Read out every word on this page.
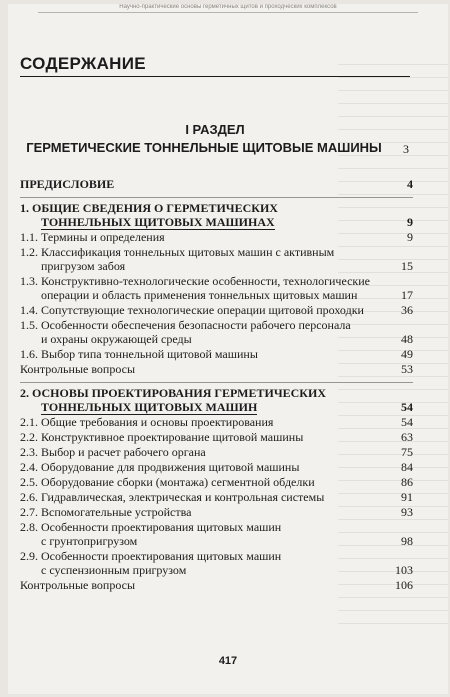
Научно-практические основы герметичных щитов и проходческих комплексов
СОДЕРЖАНИЕ
I РАЗДЕЛ
ГЕРМЕТИЧЕСКИЕ ТОННЕЛЬНЫЕ ЩИТОВЫЕ МАШИНЫ	3
ПРЕДИСЛОВИЕ	4
1. ОБЩИЕ СВЕДЕНИЯ О ГЕРМЕТИЧЕСКИХ
ТОННЕЛЬНЫХ ЩИТОВЫХ МАШИНАХ	9
1.1. Термины и определения	9
1.2. Классификация тоннельных щитовых машин с активным
пригрузом забоя	15
1.3. Конструктивно-технологические особенности, технологические
операции и область применения тоннельных щитовых машин	17
1.4. Сопутствующие технологические операции щитовой проходки	36
1.5. Особенности обеспечения безопасности рабочего персонала
и охраны окружающей среды	48
1.6. Выбор типа тоннельной щитовой машины	49
Контрольные вопросы	53
2. ОСНОВЫ ПРОЕКТИРОВАНИЯ ГЕРМЕТИЧЕСКИХ
ТОННЕЛЬНЫХ ЩИТОВЫХ МАШИН	54
2.1. Общие требования и основы проектирования	54
2.2. Конструктивное проектирование щитовой машины	63
2.3. Выбор и расчет рабочего органа	75
2.4. Оборудование для продвижения щитовой машины	84
2.5. Оборудование сборки (монтажа) сегментной обделки	86
2.6. Гидравлическая, электрическая и контрольная системы	91
2.7. Вспомогательные устройства	93
2.8. Особенности проектирования щитовых машин
с грунтопригрузом	98
2.9. Особенности проектирования щитовых машин
с суспензионным пригрузом	103
Контрольные вопросы	106
417
